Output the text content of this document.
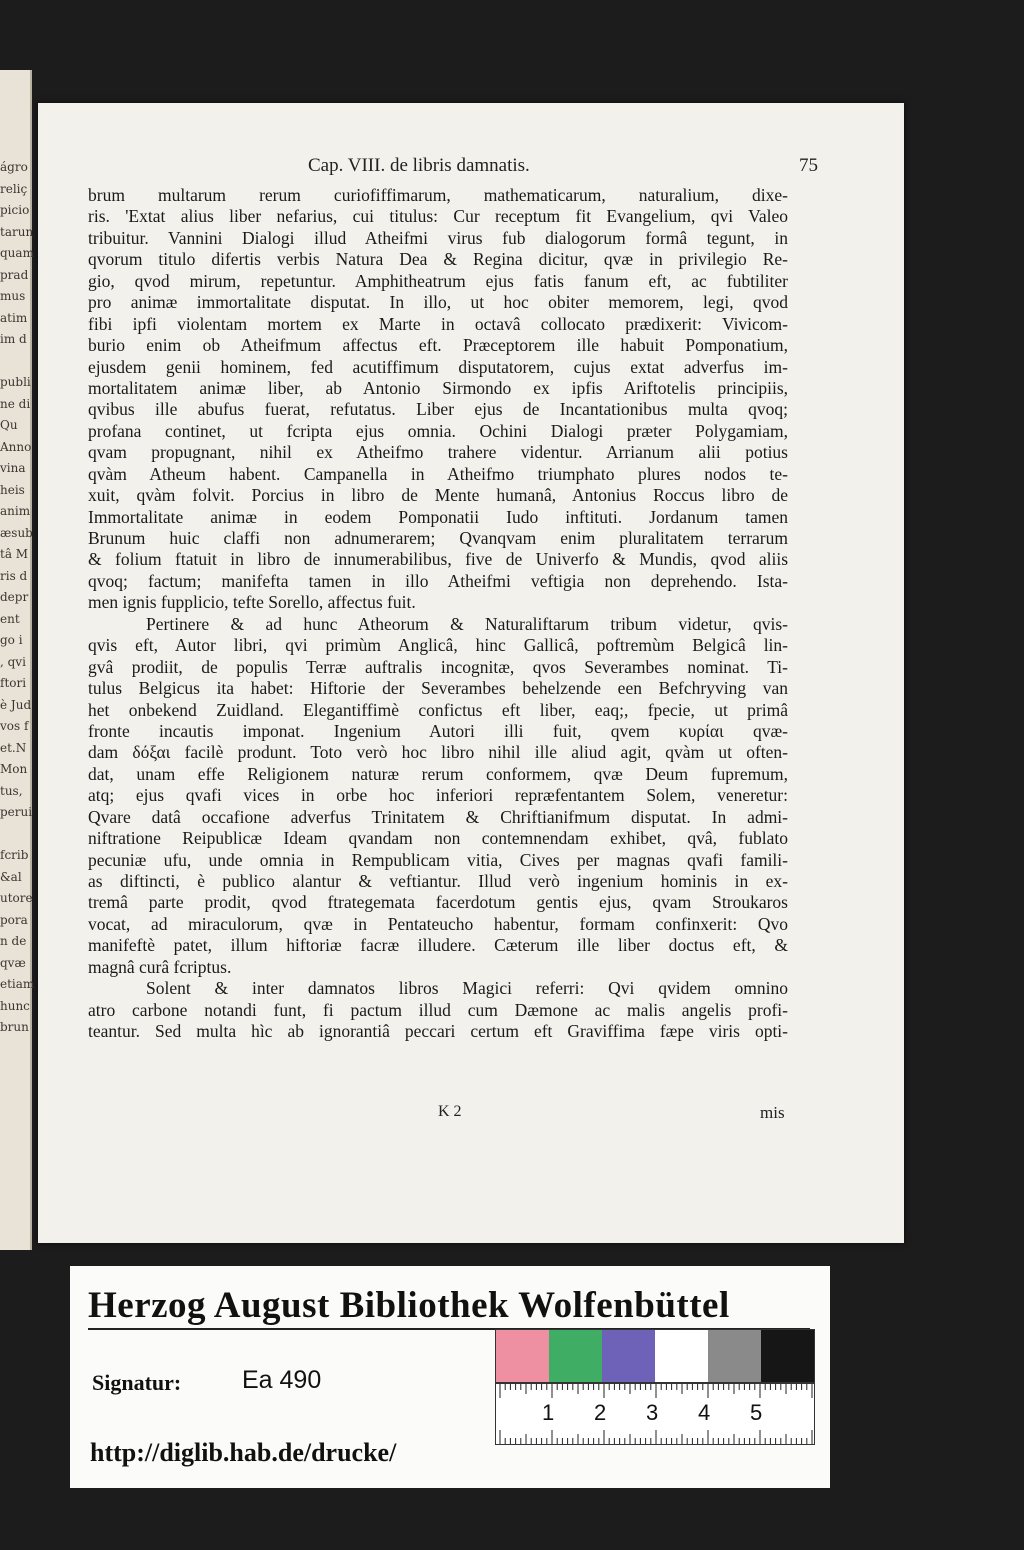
ágro
reliç
picio
tarun
quam
prad
mus
atim
im d
publi
ne di
Qu
Anno
vina
heis
anim
æsub
tâ M
ris d
depr
ent
go i
, qvi
ftori
è Jud
vos f
et.N
Mon
tus,
perui
fcrib
&al
utore
pora
n de
qvæ
etiam
hunc
brun
Cap. VIII. de libris damnatis.	75
brum multarum rerum curiofiffimarum, mathematicarum, naturalium, dixe-
ris. 'Extat alius liber nefarius, cui titulus: Cur receptum fit Evangelium, qvi Valeo
tribuitur. Vannini Dialogi illud Atheifmi virus fub dialogorum formâ tegunt, in
qvorum titulo difertis verbis Natura Dea & Regina dicitur, qvæ in privilegio Re-
gio, qvod mirum, repetuntur. Amphitheatrum ejus fatis fanum eft, ac fubtiliter
pro animæ immortalitate disputat. In illo, ut hoc obiter memorem, legi, qvod
fibi ipfi violentam mortem ex Marte in octavâ collocato prædixerit: Vivicom-
burio enim ob Atheifmum affectus eft. Præceptorem ille habuit Pomponatium,
ejusdem genii hominem, fed acutiffimum disputatorem, cujus extat adverfus im-
mortalitatem animæ liber, ab Antonio Sirmondo ex ipfis Ariftotelis principiis,
qvibus ille abufus fuerat, refutatus. Liber ejus de Incantationibus multa qvoq;
profana continet, ut fcripta ejus omnia. Ochini Dialogi præter Polygamiam,
qvam propugnant, nihil ex Atheifmo trahere videntur. Arrianum alii potius
qvàm Atheum habent. Campanella in Atheifmo triumphato plures nodos te-
xuit, qvàm folvit. Porcius in libro de Mente humanâ, Antonius Roccus libro de
Immortalitate animæ in eodem Pomponatii Iudo inftituti. Jordanum tamen
Brunum huic claffi non adnumerarem; Qvanqvam enim pluralitatem terrarum
& folium ftatuit in libro de innumerabilibus, five de Univerfo & Mundis, qvod aliis
qvoq; factum; manifefta tamen in illo Atheifmi veftigia non deprehendo. Ista-
men ignis fupplicio, tefte Sorello, affectus fuit.
Pertinere & ad hunc Atheorum & Naturaliftarum tribum videtur, qvis-
qvis eft, Autor libri, qvi primùm Anglicâ, hinc Gallicâ, poftremùm Belgicâ lin-
gvâ prodiit, de populis Terræ auftralis incognitæ, qvos Severambes nominat. Ti-
tulus Belgicus ita habet: Hiftorie der Severambes behelzende een Befchryving van
het onbekend Zuidland. Elegantiffimè confictus eft liber, eaq;, fpecie, ut primâ
fronte incautis imponat. Ingenium Autori illi fuit, qvem κυρίαι qvæ-
dam δόξαι facilè produnt. Toto verò hoc libro nihil ille aliud agit, qvàm ut often-
dat, unam effe Religionem naturæ rerum conformem, qvæ Deum fupremum,
atq; ejus qvafi vices in orbe hoc inferiori repræfentantem Solem, veneretur:
Qvare datâ occafione adverfus Trinitatem & Chriftianifmum disputat. In admi-
niftratione Reipublicæ Ideam qvandam non contemnendam exhibet, qvâ, fublato
pecuniæ ufu, unde omnia in Rempublicam vitia, Cives per magnas qvafi famili-
as diftincti, è publico alantur & veftiantur. Illud verò ingenium hominis in ex-
tremâ parte prodit, qvod ftrategemata facerdotum gentis ejus, qvam Stroukaros
vocat, ad miraculorum, qvæ in Pentateucho habentur, formam confinxerit: Qvo
manifeftè patet, illum hiftoriæ facræ illudere. Cæterum ille liber doctus eft, &
magnâ curâ fcriptus.
Solent & inter damnatos libros Magici referri: Qvi qvidem omnino
atro carbone notandi funt, fi pactum illud cum Dæmone ac malis angelis profi-
teantur. Sed multa hìc ab ignorantiâ peccari certum eft Graviffima fæpe viris opti-
K 2	mis
Herzog August Bibliothek Wolfenbüttel
Signatur: Ea 490
http://diglib.hab.de/drucke/
1 2 3 4 5
